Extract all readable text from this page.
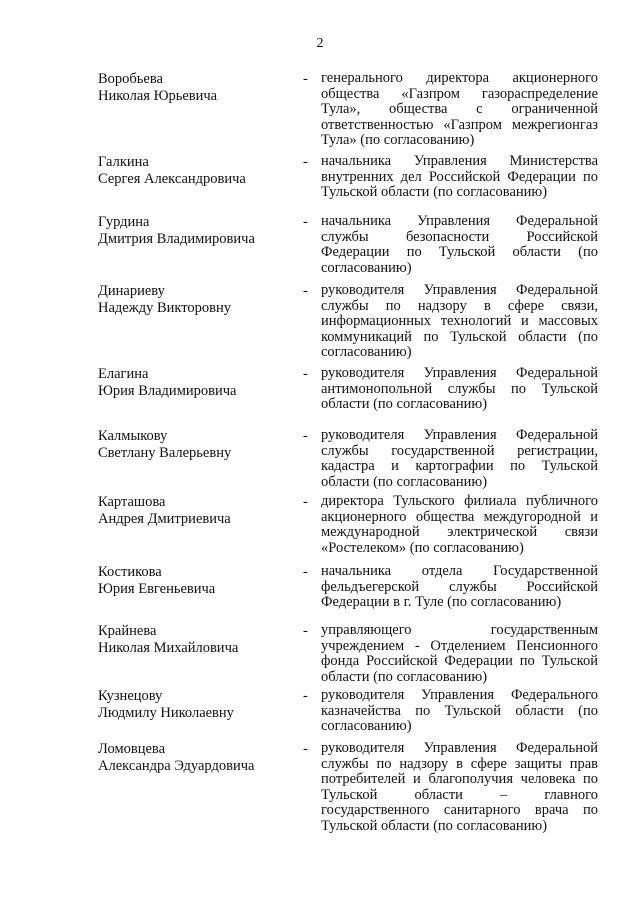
2
Воробьева
Николая Юрьевича
- генерального директора акционерного общества «Газпром газораспределение Тула», общества с ограниченной ответственностью «Газпром межрегионгаз Тула» (по согласованию)
Галкина
Сергея Александровича
- начальника Управления Министерства внутренних дел Российской Федерации по Тульской области (по согласованию)
Гурдина
Дмитрия Владимировича
- начальника Управления Федеральной службы безопасности Российской Федерации по Тульской области (по согласованию)
Динариеву
Надежду Викторовну
- руководителя Управления Федеральной службы по надзору в сфере связи, информационных технологий и массовых коммуникаций по Тульской области (по согласованию)
Елагина
Юрия Владимировича
- руководителя Управления Федеральной антимонопольной службы по Тульской области (по согласованию)
Калмыкову
Светлану Валерьевну
- руководителя Управления Федеральной службы государственной регистрации, кадастра и картографии по Тульской области (по согласованию)
Карташова
Андрея Дмитриевича
- директора Тульского филиала публичного акционерного общества междугородной и международной электрической связи «Ростелеком» (по согласованию)
Костикова
Юрия Евгеньевича
- начальника отдела Государственной фельдъегерской службы Российской Федерации в г. Туле (по согласованию)
Крайнева
Николая Михайловича
- управляющего государственным учреждением - Отделением Пенсионного фонда Российской Федерации по Тульской области (по согласованию)
Кузнецову
Людмилу Николаевну
- руководителя Управления Федерального казначейства по Тульской области (по согласованию)
Ломовцева
Александра Эдуардовича
- руководителя Управления Федеральной службы по надзору в сфере защиты прав потребителей и благополучия человека по Тульской области – главного государственного санитарного врача по Тульской области (по согласованию)
